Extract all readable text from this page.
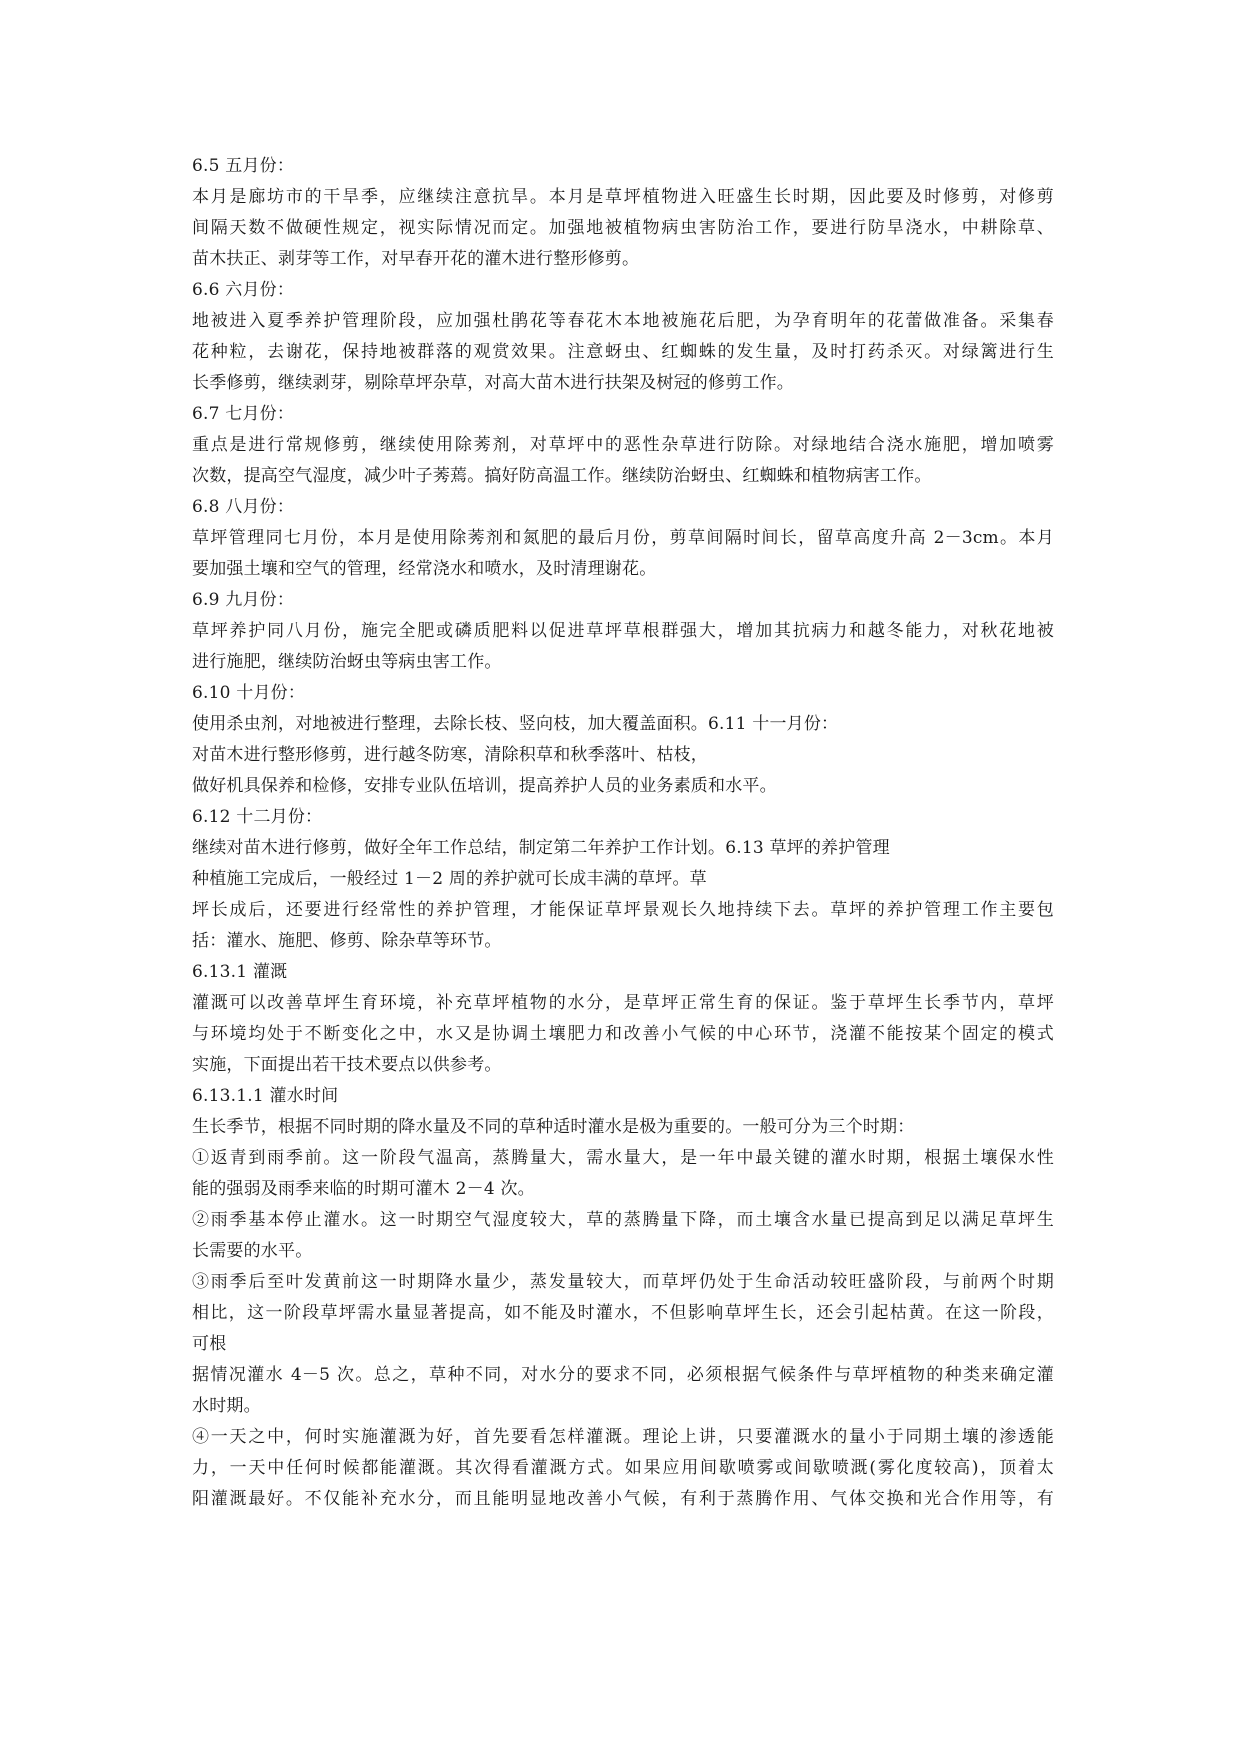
6.5 五月份：
本月是廊坊市的干旱季，应继续注意抗旱。本月是草坪植物进入旺盛生长时期，因此要及时修剪，对修剪
间隔天数不做硬性规定，视实际情况而定。加强地被植物病虫害防治工作，要进行防旱浇水，中耕除草、
苗木扶正、剥芽等工作，对早春开花的灌木进行整形修剪。
6.6 六月份：
地被进入夏季养护管理阶段，应加强杜鹃花等春花木本地被施花后肥，为孕育明年的花蕾做准备。采集春
花种粒，去谢花，保持地被群落的观赏效果。注意蚜虫、红蜘蛛的发生量，及时打药杀灭。对绿篱进行生
长季修剪，继续剥芽，剔除草坪杂草，对高大苗木进行扶架及树冠的修剪工作。
6.7 七月份：
重点是进行常规修剪，继续使用除莠剂，对草坪中的恶性杂草进行防除。对绿地结合浇水施肥，增加喷雾
次数，提高空气湿度，减少叶子莠蔫。搞好防高温工作。继续防治蚜虫、红蜘蛛和植物病害工作。
6.8 八月份：
草坪管理同七月份，本月是使用除莠剂和氮肥的最后月份，剪草间隔时间长，留草高度升高 2－3cm。本月
要加强土壤和空气的管理，经常浇水和喷水，及时清理谢花。
6.9 九月份：
草坪养护同八月份，施完全肥或磷质肥料以促进草坪草根群强大，增加其抗病力和越冬能力，对秋花地被
进行施肥，继续防治蚜虫等病虫害工作。
6.10 十月份：
使用杀虫剂，对地被进行整理，去除长枝、竖向枝，加大覆盖面积。6.11 十一月份：
对苗木进行整形修剪，进行越冬防寒，清除积草和秋季落叶、枯枝，
做好机具保养和检修，安排专业队伍培训，提高养护人员的业务素质和水平。
6.12 十二月份：
继续对苗木进行修剪，做好全年工作总结，制定第二年养护工作计划。6.13 草坪的养护管理
种植施工完成后，一般经过 1－2 周的养护就可长成丰满的草坪。草
坪长成后，还要进行经常性的养护管理，才能保证草坪景观长久地持续下去。草坪的养护管理工作主要包
括：灌水、施肥、修剪、除杂草等环节。
6.13.1 灌溉
灌溉可以改善草坪生育环境，补充草坪植物的水分，是草坪正常生育的保证。鉴于草坪生长季节内，草坪
与环境均处于不断变化之中，水又是协调土壤肥力和改善小气候的中心环节，浇灌不能按某个固定的模式
实施，下面提出若干技术要点以供参考。
6.13.1.1 灌水时间
生长季节，根据不同时期的降水量及不同的草种适时灌水是极为重要的。一般可分为三个时期：
①返青到雨季前。这一阶段气温高，蒸腾量大，需水量大，是一年中最关键的灌水时期，根据土壤保水性
能的强弱及雨季来临的时期可灌木 2－4 次。
②雨季基本停止灌水。这一时期空气湿度较大，草的蒸腾量下降，而土壤含水量已提高到足以满足草坪生
长需要的水平。
③雨季后至叶发黄前这一时期降水量少，蒸发量较大，而草坪仍处于生命活动较旺盛阶段，与前两个时期
相比，这一阶段草坪需水量显著提高，如不能及时灌水，不但影响草坪生长，还会引起枯黄。在这一阶段，
可根
据情况灌水 4－5 次。总之，草种不同，对水分的要求不同，必须根据气候条件与草坪植物的种类来确定灌
水时期。
④一天之中，何时实施灌溉为好，首先要看怎样灌溉。理论上讲，只要灌溉水的量小于同期土壤的渗透能
力，一天中任何时候都能灌溉。其次得看灌溉方式。如果应用间歇喷雾或间歇喷溉(雾化度较高)，顶着太
阳灌溉最好。不仅能补充水分，而且能明显地改善小气候，有利于蒸腾作用、气体交换和光合作用等，有
